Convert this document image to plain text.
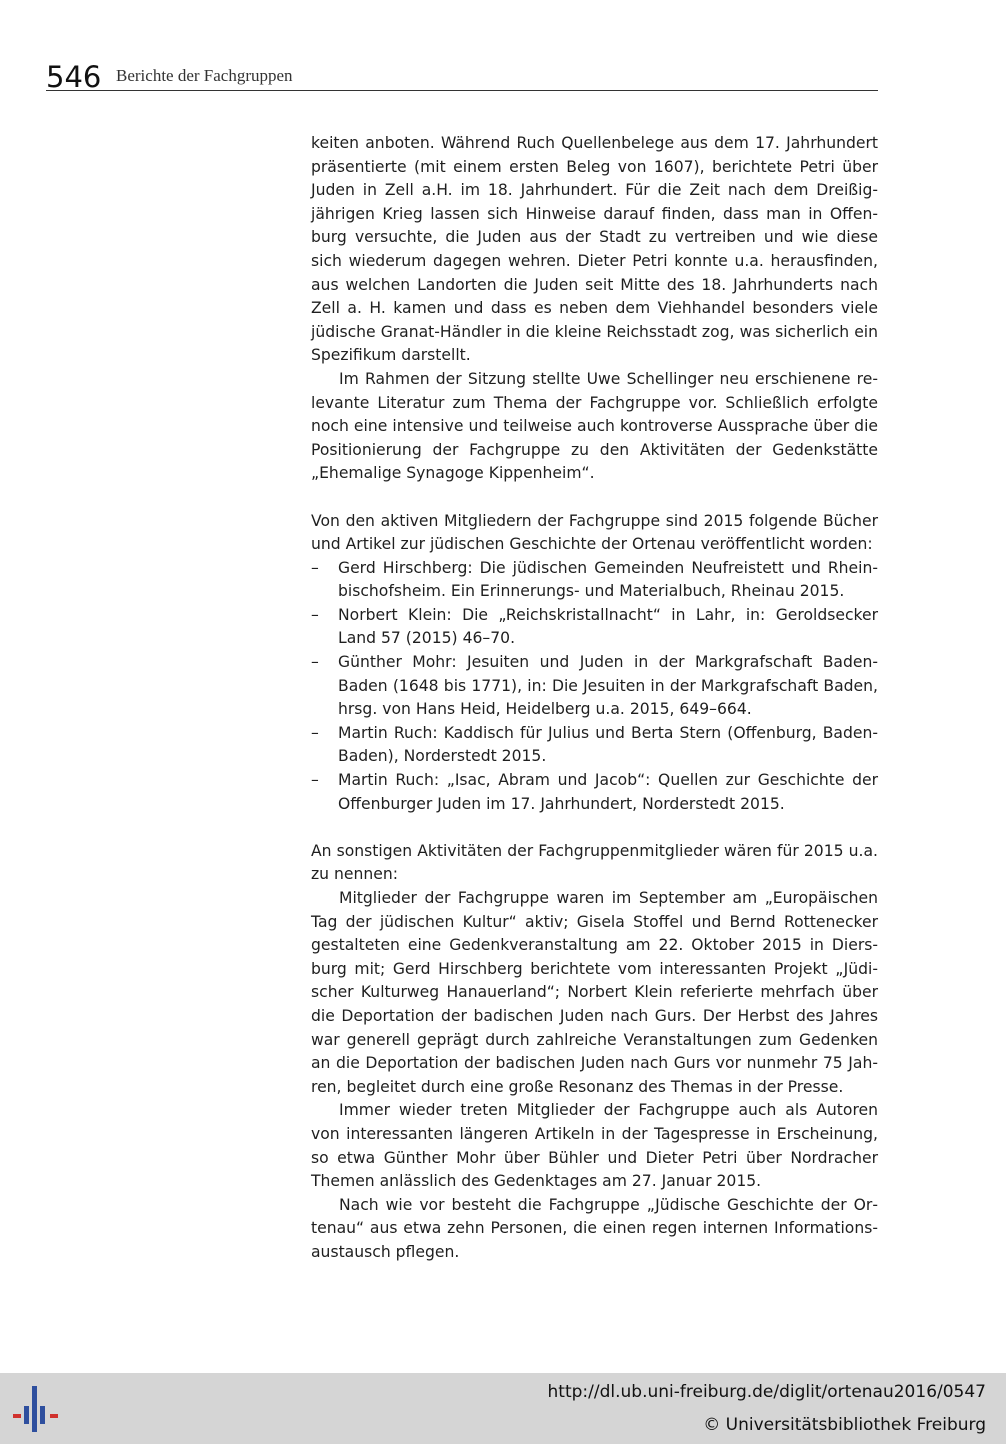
546 Berichte der Fachgruppen

keiten anboten. Während Ruch Quellenbelege aus dem 17. Jahrhundert präsentierte (mit einem ersten Beleg von 1607), berichtete Petri über Juden in Zell a.H. im 18. Jahrhundert. Für die Zeit nach dem Dreißigjährigen Krieg lassen sich Hinweise darauf finden, dass man in Offenburg versuchte, die Juden aus der Stadt zu vertreiben und wie diese sich wiederum dagegen wehren. Dieter Petri konnte u.a. herausfinden, aus welchen Landorten die Juden seit Mitte des 18. Jahrhunderts nach Zell a. H. kamen und dass es neben dem Viehhandel besonders viele jüdische Granat-Händler in die kleine Reichsstadt zog, was sicherlich ein Spezifikum darstellt.

Im Rahmen der Sitzung stellte Uwe Schellinger neu erschienene relevante Literatur zum Thema der Fachgruppe vor. Schließlich erfolgte noch eine intensive und teilweise auch kontroverse Aussprache über die Positionierung der Fachgruppe zu den Aktivitäten der Gedenkstätte „Ehemalige Synagoge Kippenheim“.

Von den aktiven Mitgliedern der Fachgruppe sind 2015 folgende Bücher und Artikel zur jüdischen Geschichte der Ortenau veröffentlicht worden:

– Gerd Hirschberg: Die jüdischen Gemeinden Neufreistett und Rheinbischofsheim. Ein Erinnerungs- und Materialbuch, Rheinau 2015.
– Norbert Klein: Die „Reichskristallnacht“ in Lahr, in: Geroldsecker Land 57 (2015) 46–70.
– Günther Mohr: Jesuiten und Juden in der Markgrafschaft Baden-Baden (1648 bis 1771), in: Die Jesuiten in der Markgrafschaft Baden, hrsg. von Hans Heid, Heidelberg u.a. 2015, 649–664.
– Martin Ruch: Kaddisch für Julius und Berta Stern (Offenburg, Baden-Baden), Norderstedt 2015.
– Martin Ruch: „Isac, Abram und Jacob“: Quellen zur Geschichte der Offenburger Juden im 17. Jahrhundert, Norderstedt 2015.

An sonstigen Aktivitäten der Fachgruppenmitglieder wären für 2015 u.a. zu nennen:

Mitglieder der Fachgruppe waren im September am „Europäischen Tag der jüdischen Kultur“ aktiv; Gisela Stoffel und Bernd Rottenecker gestalteten eine Gedenkveranstaltung am 22. Oktober 2015 in Diersburg mit; Gerd Hirschberg berichtete vom interessanten Projekt „Jüdischer Kulturweg Hanauerland“; Norbert Klein referierte mehrfach über die Deportation der badischen Juden nach Gurs. Der Herbst des Jahres war generell geprägt durch zahlreiche Veranstaltungen zum Gedenken an die Deportation der badischen Juden nach Gurs vor nunmehr 75 Jahren, begleitet durch eine große Resonanz des Themas in der Presse.

Immer wieder treten Mitglieder der Fachgruppe auch als Autoren von interessanten längeren Artikeln in der Tagespresse in Erscheinung, so etwa Günther Mohr über Bühler und Dieter Petri über Nordracher Themen anlässlich des Gedenktages am 27. Januar 2015.

Nach wie vor besteht die Fachgruppe „Jüdische Geschichte der Ortenau“ aus etwa zehn Personen, die einen regen internen Informationsaustausch pflegen.

http://dl.ub.uni-freiburg.de/diglit/ortenau2016/0547
© Universitätsbibliothek Freiburg
